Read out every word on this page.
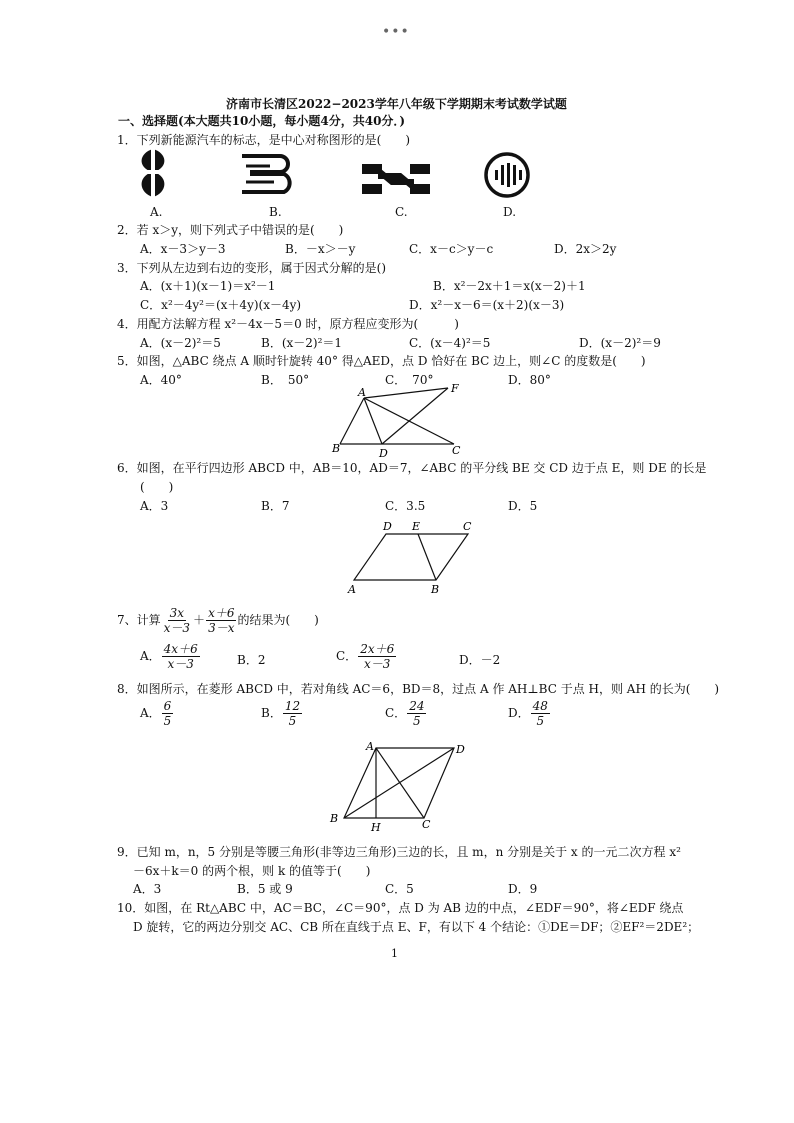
•••
济南市长清区2022−2023学年八年级下学期期末考试数学试题
一、选择题(本大题共10小题，每小题4分，共40分．)
1．下列新能源汽车的标志，是中心对称图形的是(　　)
A.	B.	C.	D.
2．若 x＞y，则下列式子中错误的是(　　)
A．x－3＞y－3	B．－x＞－y	C．x－c＞y－c	D．2x＞2y
3．下列从左边到右边的变形，属于因式分解的是()
A．(x＋1)(x－1)＝x²－1	B．x²－2x＋1＝x(x－2)＋1
C．x²－4y²＝(x＋4y)(x－4y)	D．x²－x－6＝(x＋2)(x－3)
4．用配方法解方程 x²－4x－5＝0 时，原方程应变形为(　　　)
A．(x－2)²＝5	B．(x－2)²＝1	C．(x－4)²＝5	D．(x－2)²＝9
5．如图，△ABC 绕点 A 顺时针旋转 40° 得△AED，点 D 恰好在 BC 边上，则∠C 的度数是(　　)
A．40°	B．　50°	C．　70°	D．80°
A	F
B	D	C
6．如图，在平行四边形 ABCD 中，AB＝10，AD＝7，∠ABC 的平分线 BE 交 CD 边于点 E，则 DE 的长是
(　　)
A．3	B．7	C．3.5	D．5
D E	C
A	B
7、计算 $\frac{3x}{x-3} + \frac{x+6}{3-x}$ 的结果为(　　)
A． $\frac{4x+6}{x-3}$	B．2	C． $\frac{2x+6}{x-3}$	D．－2
8．如图所示，在菱形 ABCD 中，若对角线 AC＝6，BD＝8，过点 A 作 AH⊥BC 于点 H，则 AH 的长为(　　)
A． $\frac{6}{5}$	B． $\frac{12}{5}$	C． $\frac{24}{5}$	D． $\frac{48}{5}$
A	D
B
H	C
9．已知 m，n，5 分别是等腰三角形(非等边三角形)三边的长，且 m，n 分别是关于 x 的一元二次方程 x²
－6x＋k＝0 的两个根，则 k 的值等于(　　)
A．3	B．5 或 9	C．5	D．9
10．如图，在 Rt△ABC 中，AC＝BC，∠C＝90°，点 D 为 AB 边的中点，∠EDF＝90°，将∠EDF 绕点
D 旋转，它的两边分别交 AC、CB 所在直线于点 E、F，有以下 4 个结论：①DE＝DF；②EF²＝2DE²；
1
